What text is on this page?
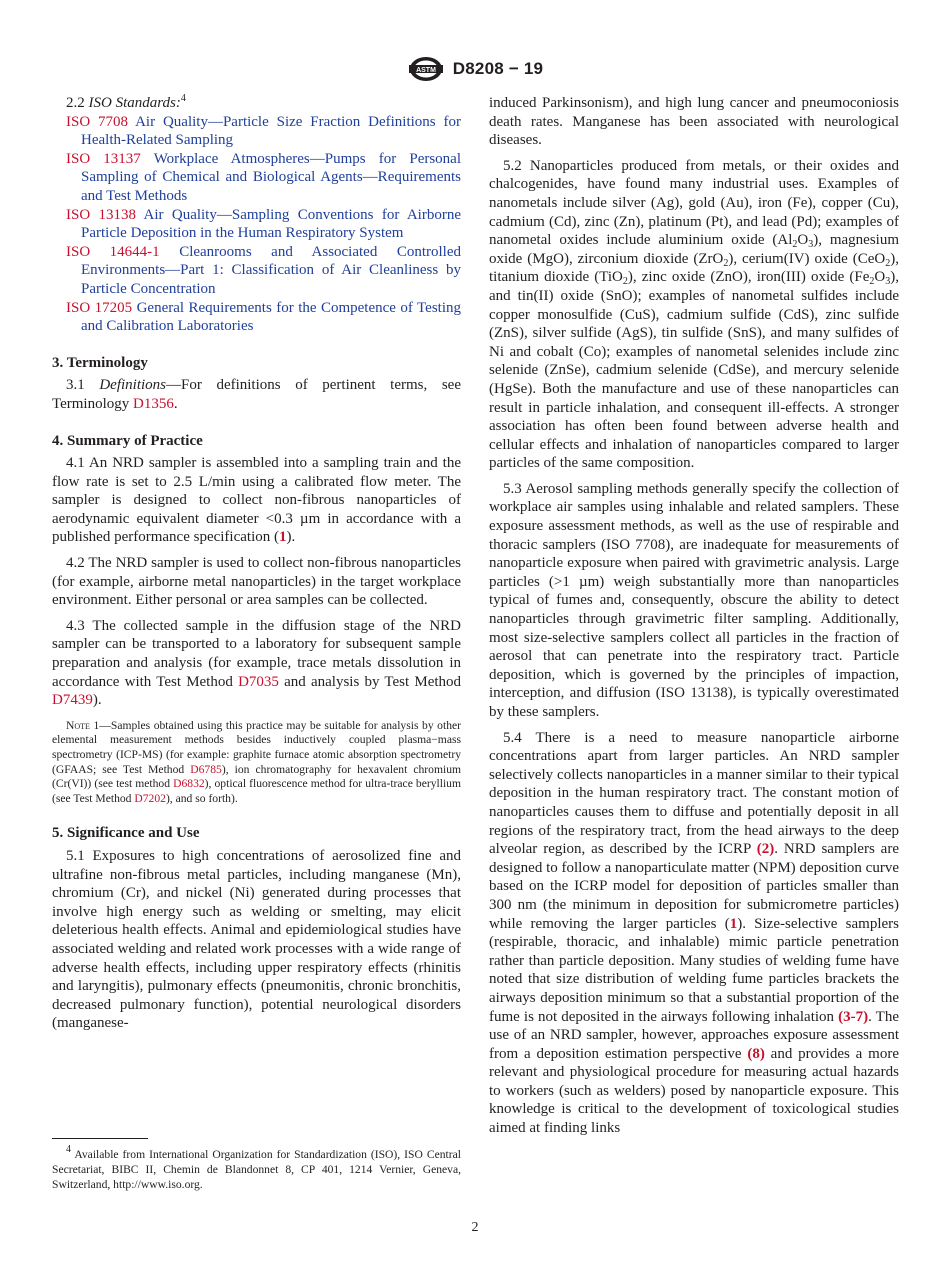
ASTM D8208 − 19

2.2 ISO Standards:$^4$

ISO 7708 Air Quality—Particle Size Fraction Definitions for Health-Related Sampling

ISO 13137 Workplace Atmospheres—Pumps for Personal Sampling of Chemical and Biological Agents—Requirements and Test Methods

ISO 13138 Air Quality—Sampling Conventions for Airborne Particle Deposition in the Human Respiratory System

ISO 14644-1 Cleanrooms and Associated Controlled Environments—Part 1: Classification of Air Cleanliness by Particle Concentration

ISO 17205 General Requirements for the Competence of Testing and Calibration Laboratories

3. Terminology

3.1 Definitions—For definitions of pertinent terms, see Terminology D1356.

4. Summary of Practice

4.1 An NRD sampler is assembled into a sampling train and the flow rate is set to 2.5 L/min using a calibrated flow meter. The sampler is designed to collect non-fibrous nanoparticles of aerodynamic equivalent diameter <0.3 µm in accordance with a published performance specification (1).

4.2 The NRD sampler is used to collect non-fibrous nanoparticles (for example, airborne metal nanoparticles) in the target workplace environment. Either personal or area samples can be collected.

4.3 The collected sample in the diffusion stage of the NRD sampler can be transported to a laboratory for subsequent sample preparation and analysis (for example, trace metals dissolution in accordance with Test Method D7035 and analysis by Test Method D7439).

Note 1—Samples obtained using this practice may be suitable for analysis by other elemental measurement methods besides inductively coupled plasma−mass spectrometry (ICP-MS) (for example: graphite furnace atomic absorption spectrometry (GFAAS; see Test Method D6785), ion chromatography for hexavalent chromium (Cr(VI)) (see test method D6832), optical fluorescence method for ultra-trace beryllium (see Test Method D7202), and so forth).

5. Significance and Use

5.1 Exposures to high concentrations of aerosolized fine and ultrafine non-fibrous metal particles, including manganese (Mn), chromium (Cr), and nickel (Ni) generated during processes that involve high energy such as welding or smelting, may elicit deleterious health effects. Animal and epidemiological studies have associated welding and related work processes with a wide range of adverse health effects, including upper respiratory effects (rhinitis and laryngitis), pulmonary effects (pneumonitis, chronic bronchitis, decreased pulmonary function), potential neurological disorders (manganese-

induced Parkinsonism), and high lung cancer and pneumoconiosis death rates. Manganese has been associated with neurological diseases.

5.2 Nanoparticles produced from metals, or their oxides and chalcogenides, have found many industrial uses. Examples of nanometals include silver (Ag), gold (Au), iron (Fe), copper (Cu), cadmium (Cd), zinc (Zn), platinum (Pt), and lead (Pd); examples of nanometal oxides include aluminium oxide $(Al_2O_3)$, magnesium oxide (MgO), zirconium dioxide (ZrO$_2$), cerium(IV) oxide (CeO$_2$), titanium dioxide (TiO$_2$), zinc oxide (ZnO), iron(III) oxide $(Fe_2O_3)$, and tin(II) oxide (SnO); examples of nanometal sulfides include copper monosulfide (CuS), cadmium sulfide (CdS), zinc sulfide (ZnS), silver sulfide (AgS), tin sulfide (SnS), and many sulfides of Ni and cobalt (Co); examples of nanometal selenides include zinc selenide (ZnSe), cadmium selenide (CdSe), and mercury selenide (HgSe). Both the manufacture and use of these nanoparticles can result in particle inhalation, and consequent ill-effects. A stronger association has often been found between adverse health and cellular effects and inhalation of nanoparticles compared to larger particles of the same composition.

5.3 Aerosol sampling methods generally specify the collection of workplace air samples using inhalable and related samplers. These exposure assessment methods, as well as the use of respirable and thoracic samplers (ISO 7708), are inadequate for measurements of nanoparticle exposure when paired with gravimetric analysis. Large particles (>1 µm) weigh substantially more than nanoparticles typical of fumes and, consequently, obscure the ability to detect nanoparticles through gravimetric filter sampling. Additionally, most size-selective samplers collect all particles in the fraction of aerosol that can penetrate into the respiratory tract. Particle deposition, which is governed by the principles of impaction, interception, and diffusion (ISO 13138), is typically overestimated by these samplers.

5.4 There is a need to measure nanoparticle airborne concentrations apart from larger particles. An NRD sampler selectively collects nanoparticles in a manner similar to their typical deposition in the human respiratory tract. The constant motion of nanoparticles causes them to diffuse and potentially deposit in all regions of the respiratory tract, from the head airways to the deep alveolar region, as described by the ICRP (2). NRD samplers are designed to follow a nanoparticulate matter (NPM) deposition curve based on the ICRP model for deposition of particles smaller than 300 nm (the minimum in deposition for submicrometre particles) while removing the larger particles (1). Size-selective samplers (respirable, thoracic, and inhalable) mimic particle penetration rather than particle deposition. Many studies of welding fume have noted that size distribution of welding fume particles brackets the airways deposition minimum so that a substantial proportion of the fume is not deposited in the airways following inhalation (3-7). The use of an NRD sampler, however, approaches exposure assessment from a deposition estimation perspective (8) and provides a more relevant and physiological procedure for measuring actual hazards to workers (such as welders) posed by nanoparticle exposure. This knowledge is critical to the development of toxicological studies aimed at finding links

4 Available from International Organization for Standardization (ISO), ISO Central Secretariat, BIBC II, Chemin de Blandonnet 8, CP 401, 1214 Vernier, Geneva, Switzerland, http://www.iso.org.

2
